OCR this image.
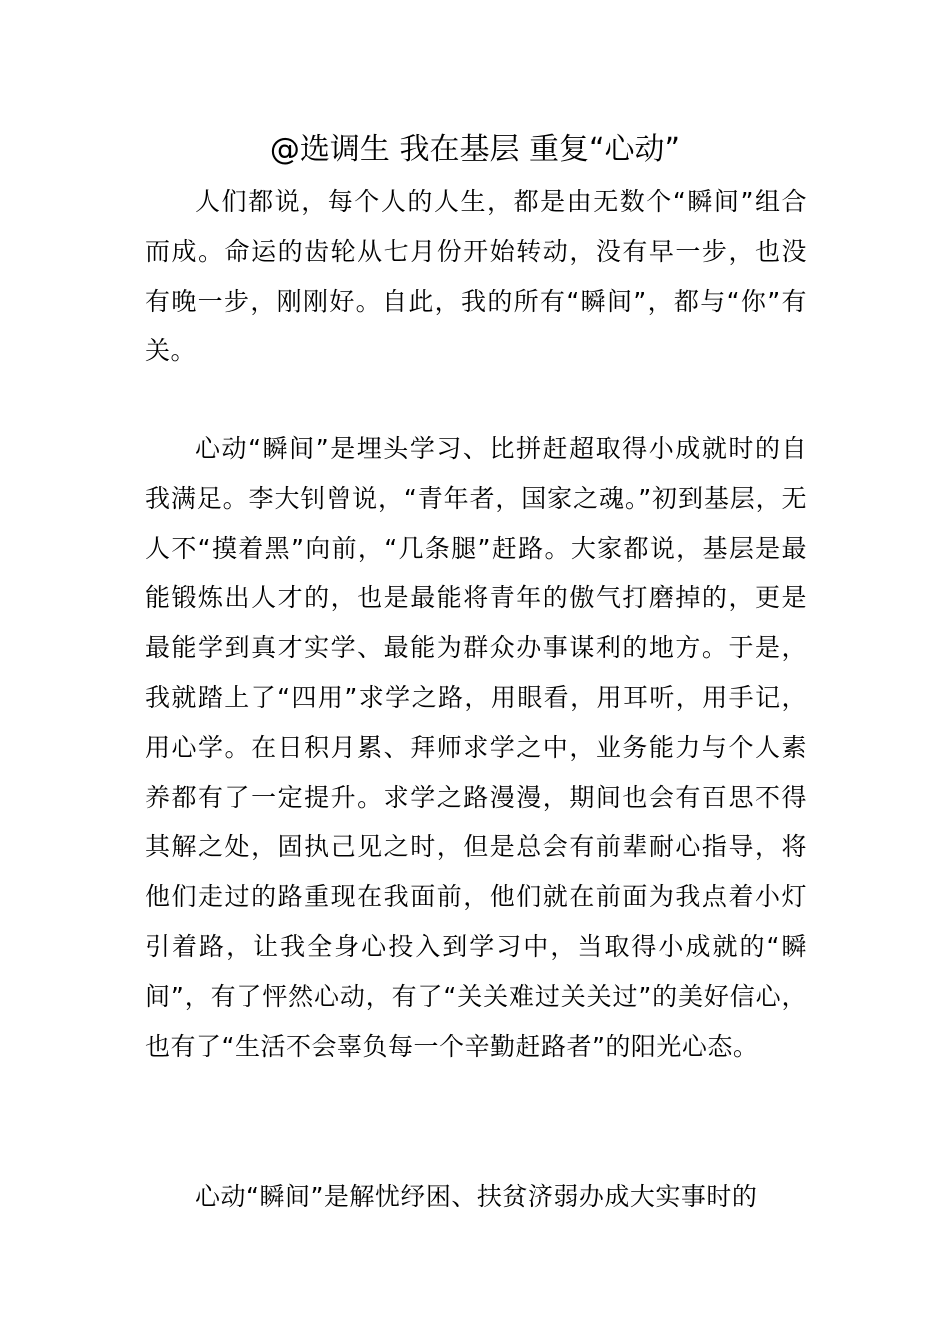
@选调生 我在基层 重复“心动”

人们都说，每个人的人生，都是由无数个“瞬间”组合而成。命运的齿轮从七月份开始转动，没有早一步，也没有晚一步，刚刚好。自此，我的所有“瞬间”，都与“你”有关。

心动“瞬间”是埋头学习、比拼赶超取得小成就时的自我满足。李大钊曾说，“青年者，国家之魂。”初到基层，无人不“摸着黑”向前，“几条腿”赶路。大家都说，基层是最能锻炼出人才的，也是最能将青年的傲气打磨掉的，更是最能学到真才实学、最能为群众办事谋利的地方。于是，我就踏上了“四用”求学之路，用眼看，用耳听，用手记，用心学。在日积月累、拜师求学之中，业务能力与个人素养都有了一定提升。求学之路漫漫，期间也会有百思不得其解之处，固执己见之时，但是总会有前辈耐心指导，将他们走过的路重现在我面前，他们就在前面为我点着小灯引着路，让我全身心投入到学习中，当取得小成就的“瞬间”，有了怦然心动，有了“关关难过关关过”的美好信心，也有了“生活不会辜负每一个辛勤赶路者”的阳光心态。

心动“瞬间”是解忧纾困、扶贫济弱办成大实事时的
